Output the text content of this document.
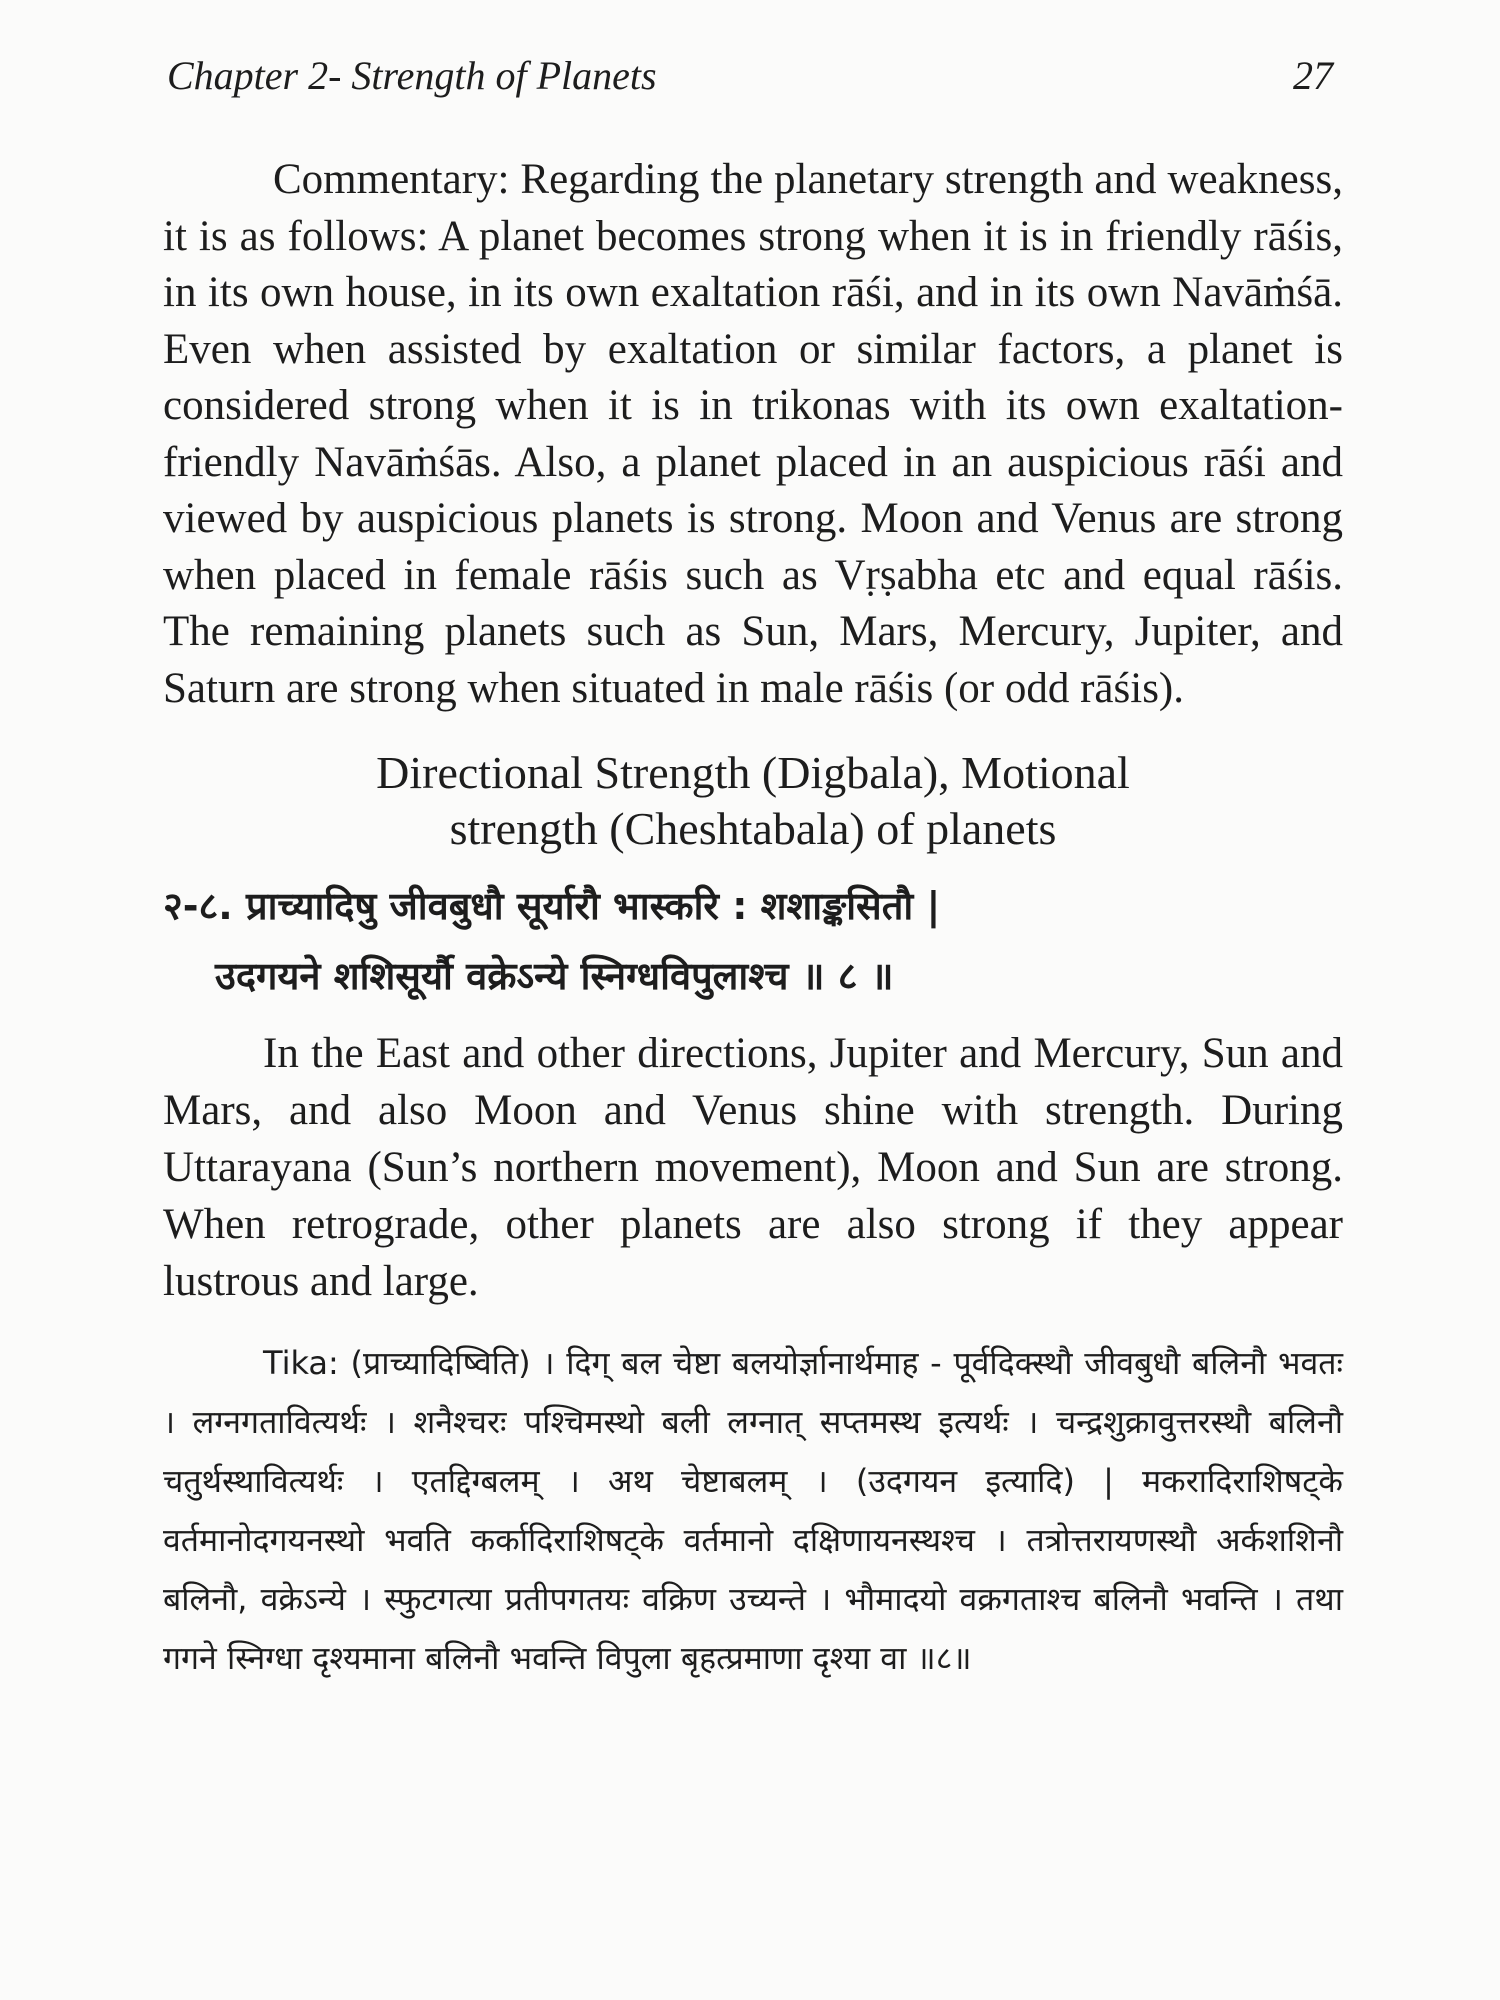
Chapter 2- Strength of Planets	27

Commentary: Regarding the planetary strength and weakness, it is as follows: A planet becomes strong when it is in friendly rāśis, in its own house, in its own exaltation rāśi, and in its own Navāṁśā. Even when assisted by exaltation or similar factors, a planet is considered strong when it is in trikonas with its own exaltation-friendly Navāṁśās. Also, a planet placed in an auspicious rāśi and viewed by auspicious planets is strong. Moon and Venus are strong when placed in female rāśis such as Vṛṣabha etc and equal rāśis. The remaining planets such as Sun, Mars, Mercury, Jupiter, and Saturn are strong when situated in male rāśis (or odd rāśis).

Directional Strength (Digbala), Motional
strength (Cheshtabala) of planets
२-८. प्राच्यादिषु जीवबुधौ सूर्यारौ भास्करि : शशाङ्कसितौ |
उदगयने शशिसूर्यौ वक्रेऽन्ये स्निग्धविपुलाश्च ॥ ८ ॥

In the East and other directions, Jupiter and Mercury, Sun and Mars, and also Moon and Venus shine with strength. During Uttarayana (Sun’s northern movement), Moon and Sun are strong. When retrograde, other planets are also strong if they appear lustrous and large.

Tika: (प्राच्यादिष्विति) । दिग् बल चेष्टा बलयोर्ज्ञानार्थमाह - पूर्वदिक्स्थौ जीवबुधौ बलिनौ भवतः । लग्नगतावित्यर्थः । शनैश्चरः पश्चिमस्थो बली लग्नात् सप्तमस्थ इत्यर्थः । चन्द्रशुक्रावुत्तरस्थौ बलिनौ चतुर्थस्थावित्यर्थः । एतद्दिग्बलम् । अथ चेष्टाबलम् । (उदगयन इत्यादि) | मकरादिराशिषट्के वर्तमानोदगयनस्थो भवति कर्कादिराशिषट्के वर्तमानो दक्षिणायनस्थश्च । तत्रोत्तरायणस्थौ अर्कशशिनौ बलिनौ, वक्रेऽन्ये । स्फुटगत्या प्रतीपगतयः वक्रिण उच्यन्ते । भौमादयो वक्रगताश्च बलिनौ भवन्ति । तथा गगने स्निग्धा दृश्यमाना बलिनौ भवन्ति विपुला बृहत्प्रमाणा दृश्या वा ॥८॥
